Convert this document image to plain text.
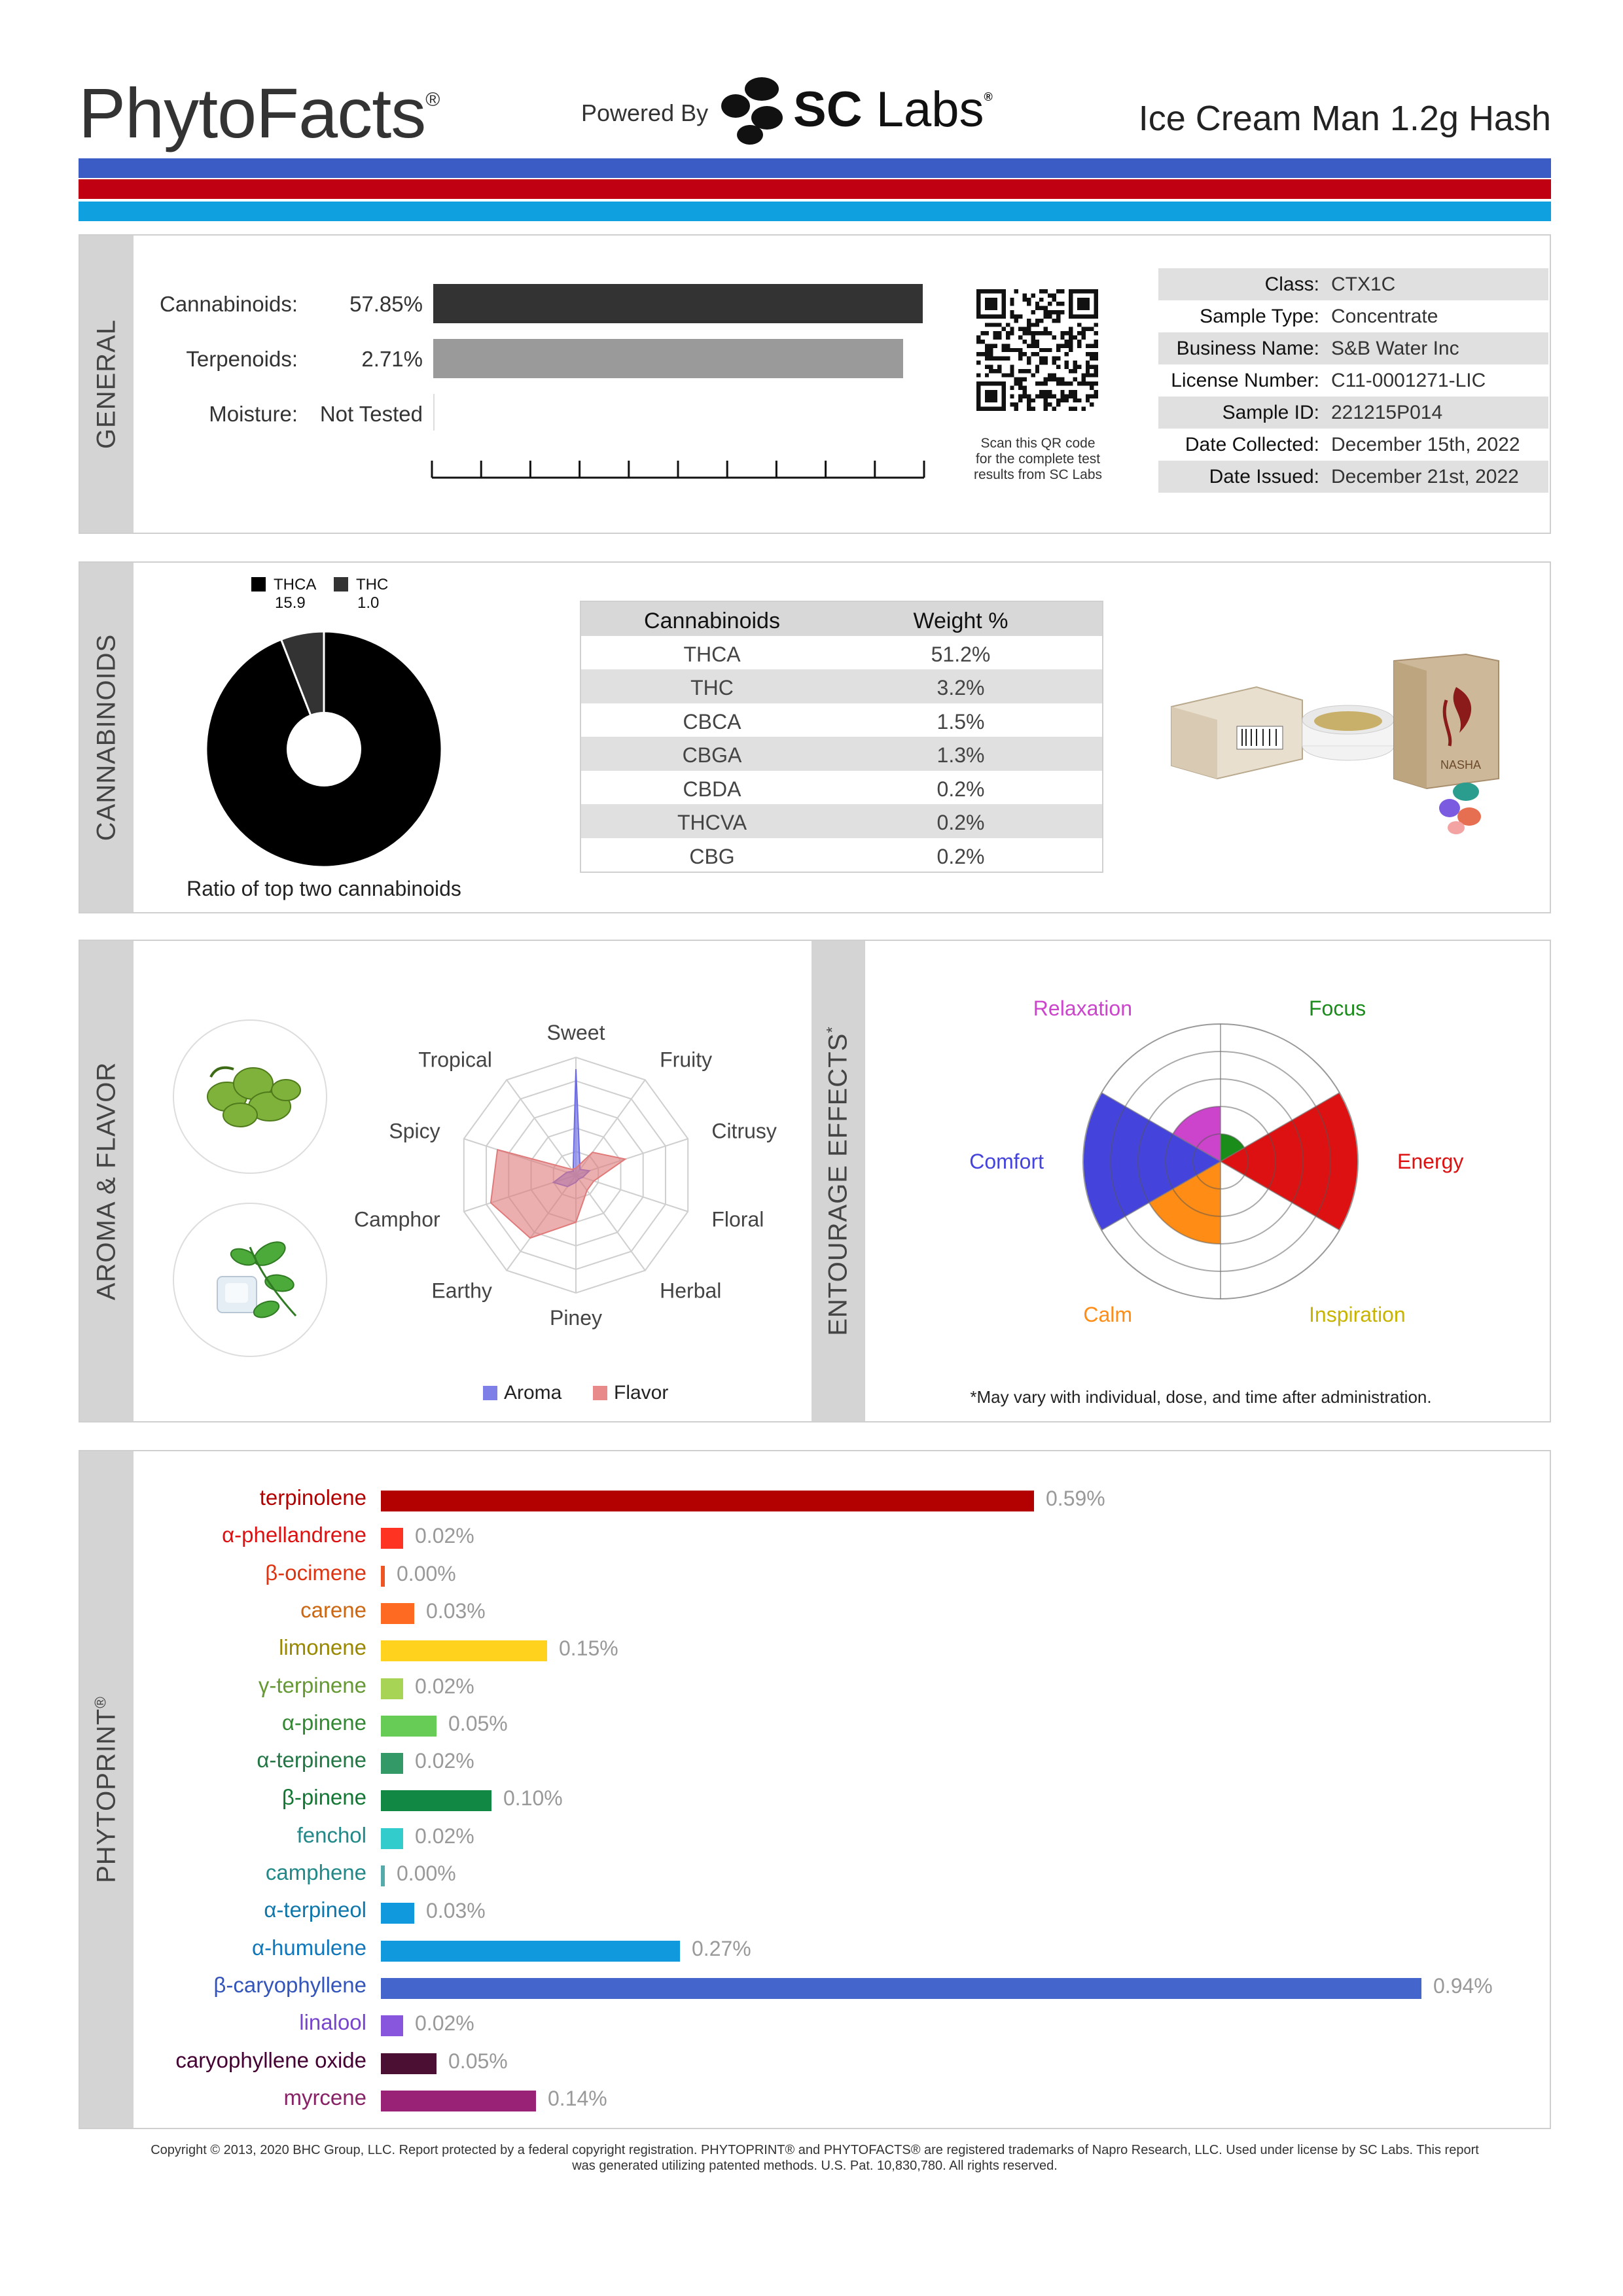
PhytoFacts®	Powered By SC Labs®
Ice Cream Man 1.2g Hash
GENERAL
Cannabinoids:	57.85%
Terpenoids:	2.71%
Moisture:	Not Tested
Scan this QR code
for the complete test
results from SC Labs
Class: CTX1C
Sample Type: Concentrate
Business Name: S&B Water Inc
License Number: C11-0001271-LIC
Sample ID: 221215P014
Date Collected: December 15th, 2022
Date Issued: December 21st, 2022
CANNABINOIDS
THCA
15.9
THC
1.0
Ratio of top two cannabinoids
Cannabinoids	Weight %
THCA	51.2%
THC	3.2%
CBCA	1.5%
CBGA	1.3%
CBDA	0.2%
THCVA	0.2%
CBG	0.2%
NASHA
AROMA & FLAVOR	ENTOURAGE EFFECTS*
Sweet
Fruity
Citrusy
Floral
Herbal
Piney
Earthy
Camphor
Spicy
Tropical
Aroma	Flavor
Focus
Energy
Inspiration
Calm
Comfort
Relaxation
*May vary with individual, dose, and time after administration.
PHYTOPRINT®
terpinolene	0.59%
α-phellandrene 0.02%
β-ocimene 0.00%
carene	0.03%
limonene	0.15%
γ-terpinene 0.02%
α-pinene	0.05%
α-terpinene 0.02%
β-pinene	0.10%
fenchol 0.02%
camphene 0.00%
α-terpineol	0.03%
α-humulene	0.27%
β-caryophyllene	0.94%
linalool 0.02%
caryophyllene oxide	0.05%
myrcene	0.14%
Copyright © 2013, 2020 BHC Group, LLC. Report protected by a federal copyright registration. PHYTOPRINT® and PHYTOFACTS® are registered trademarks of Napro Research, LLC. Used under license by SC Labs. This report
was generated utilizing patented methods. U.S. Pat. 10,830,780. All rights reserved.
